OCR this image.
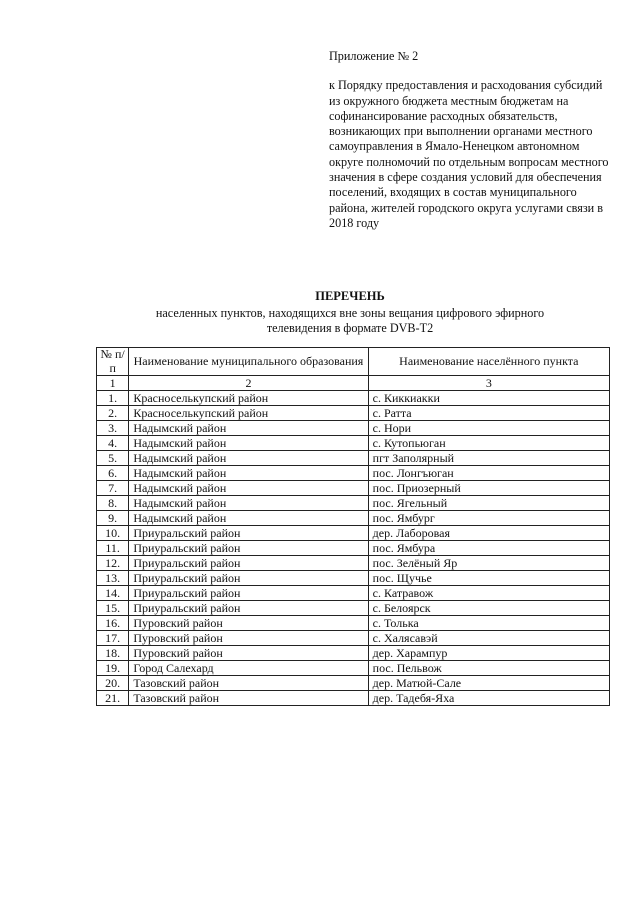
Приложение № 2
к Порядку предоставления и расходования субсидий из окружного бюджета местным бюджетам на софинансирование расходных обязательств, возникающих при выполнении органами местного самоуправления в Ямало-Ненецком автономном округе полномочий по отдельным вопросам местного значения в сфере создания условий для обеспечения поселений, входящих в состав муниципального района, жителей городского округа услугами связи в 2018 году
ПЕРЕЧЕНЬ
населенных пунктов, находящихся вне зоны вещания цифрового эфирного телевидения в формате DVB-T2
№ п/п	Наименование муниципального образования	Наименование населённого пункта
1	2	3
1.	Красноселькупский район	с. Киккиакки
2.	Красноселькупский район	с. Ратта
3.	Надымский район	с. Нори
4.	Надымский район	с. Кутопьюган
5.	Надымский район	пгт Заполярный
6.	Надымский район	пос. Лонгъюган
7.	Надымский район	пос. Приозерный
8.	Надымский район	пос. Ягельный
9.	Надымский район	пос. Ямбург
10.	Приуральский район	дер. Лаборовая
11.	Приуральский район	пос. Ямбура
12.	Приуральский район	пос. Зелёный Яр
13.	Приуральский район	пос. Щучье
14.	Приуральский район	с. Катравож
15.	Приуральский район	с. Белоярск
16.	Пуровский район	с. Толька
17.	Пуровский район	с. Халясавэй
18.	Пуровский район	дер. Харампур
19.	Город Салехард	пос. Пельвож
20.	Тазовский район	дер. Матюй-Сале
21.	Тазовский район	дер. Тадебя-Яха
